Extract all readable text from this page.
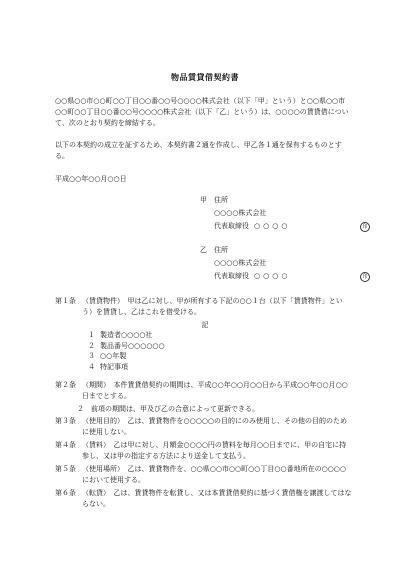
物品賃貸借契約書
○○県○○市○○町○○丁目○○番○○号○○○○株式会社（以下「甲」という）と○○県○○市○○町○○丁目○○番○○号○○○○株式会社（以下「乙」という）は、○○○○の賃貸借について、次のとおり契約を締結する。
以下の本契約の成立を証するため、本契約書２通を作成し、甲乙各１通を保有するものとする。
平成○○年○○月○○日
甲	住所
○○○○株式会社
代表取締役 ○○○○	印
乙	住所
○○○○株式会社
代表取締役 ○○○○	印
第１条 （賃貸物件）　甲は乙に対し、甲が所有する下記の○○１台（以下「賃貸物件」という）を賃貸し、乙はこれを借受ける。
記
１ 製造者○○○○社
２ 製品番号○○○○○○
３ ○○年製
４ 特記事項
第２条 （期間）　本件賃貸借契約の期間は、平成○○年○○月○○日から平成○○年○○月○○日までとする。
２　前項の期間は、甲及び乙の合意によって更新できる。
第３条 （使用目的）　乙は、賃貸物件を○○○○○の目的にのみ使用し、その他の目的のために使用しない。
第４条 （賃料）　乙は甲に対し、月額金○○○○円の賃料を毎月○○日までに、甲の自宅に持参し、又は甲の指定する方法により送金して支払う。
第５条 （使用場所）　乙は、賃貸物件を、○○県○○市○○町○○丁目○○番地所在の○○○○において使用する。
第６条 （転貸）　乙は、賃貸物件を転貸し、又は本賃貸借契約に基づく賃借権を譲渡してはならない。
